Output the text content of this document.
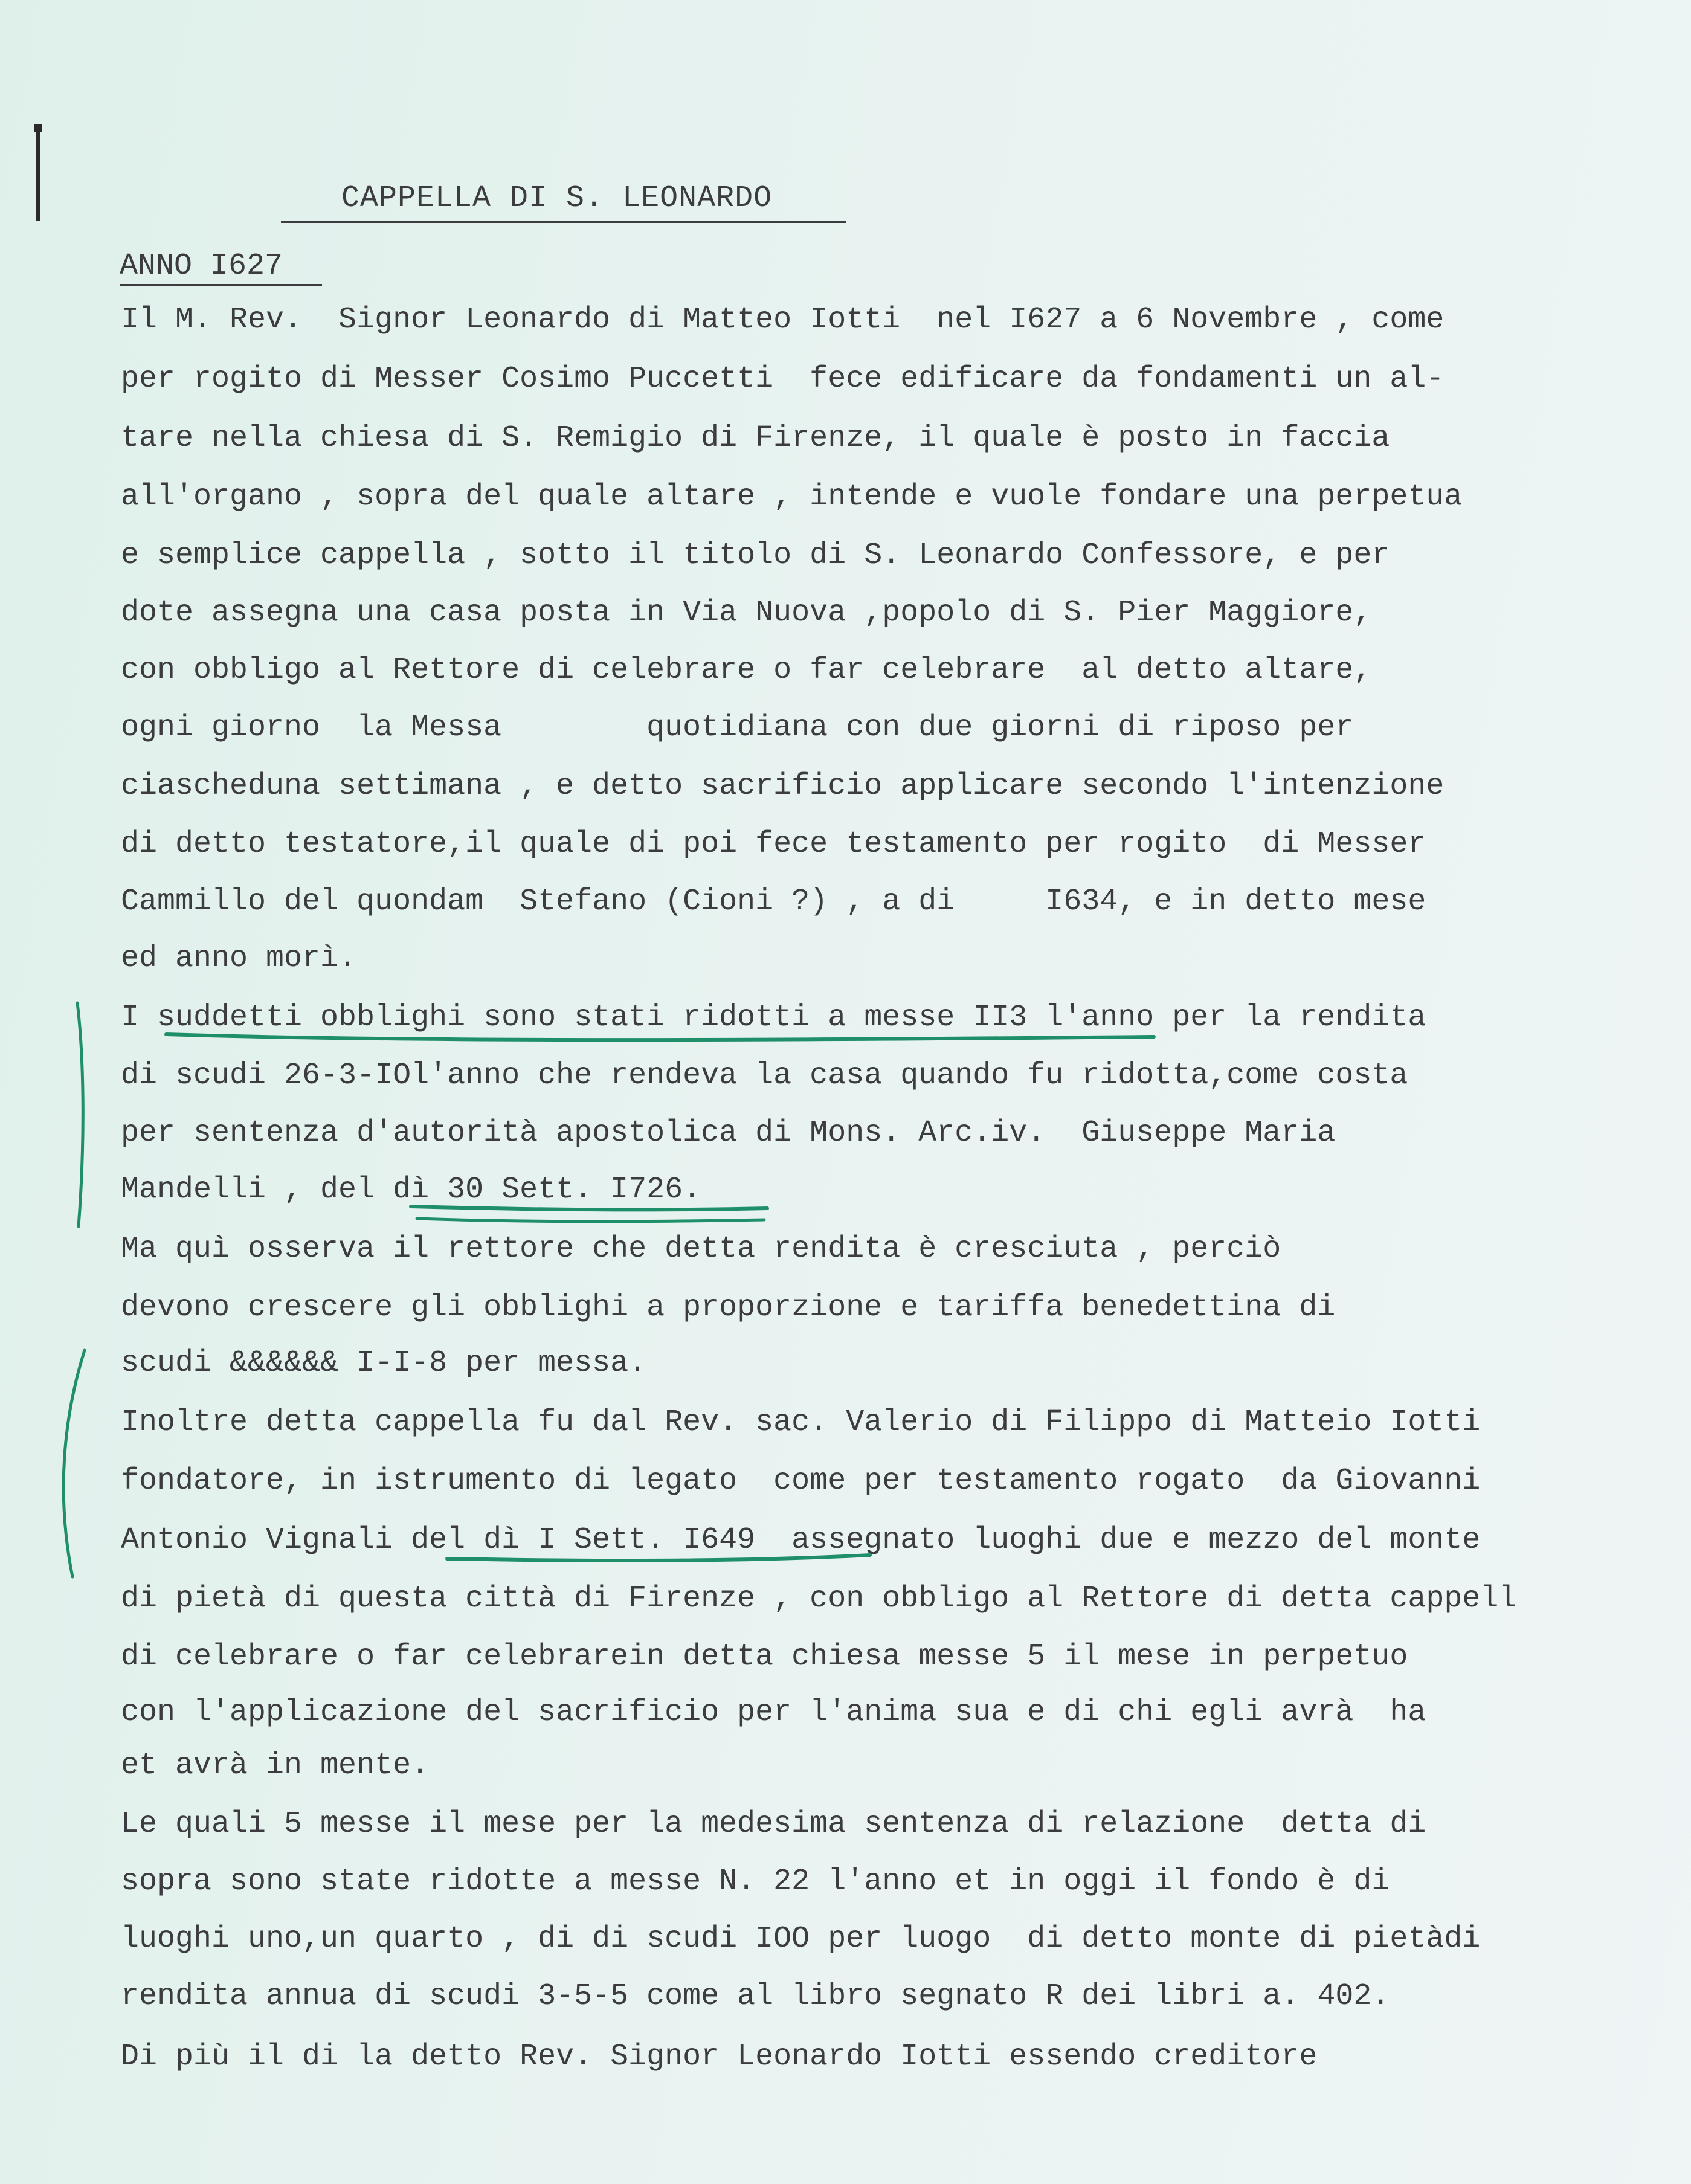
CAPPELLA DI S. LEONARDO
ANNO I627
Il M. Rev.  Signor Leonardo di Matteo Iotti  nel I627 a 6 Novembre , come
per rogito di Messer Cosimo Puccetti  fece edificare da fondamenti un al-
tare nella chiesa di S. Remigio di Firenze, il quale è posto in faccia
all'organo , sopra del quale altare , intende e vuole fondare una perpetua
e semplice cappella , sotto il titolo di S. Leonardo Confessore, e per
dote assegna una casa posta in Via Nuova ,popolo di S. Pier Maggiore,
con obbligo al Rettore di celebrare o far celebrare  al detto altare,
ogni giorno  la Messa        quotidiana con due giorni di riposo per
ciascheduna settimana , e detto sacrificio applicare secondo l'intenzione
di detto testatore,il quale di poi fece testamento per rogito  di Messer
Cammillo del quondam  Stefano (Cioni ?) , a di     I634, e in detto mese
ed anno morì.
I suddetti obblighi sono stati ridotti a messe II3 l'anno per la rendita
di scudi 26-3-IOl'anno che rendeva la casa quando fu ridotta,come costa
per sentenza d'autorità apostolica di Mons. Arc.iv.  Giuseppe Maria
Mandelli , del dì 30 Sett. I726.
Ma quì osserva il rettore che detta rendita è cresciuta , perciò
devono crescere gli obblighi a proporzione e tariffa benedettina di
scudi &&&&&& I-I-8 per messa.
Inoltre detta cappella fu dal Rev. sac. Valerio di Filippo di Matteio Iotti
fondatore, in istrumento di legato  come per testamento rogato  da Giovanni
Antonio Vignali del dì I Sett. I649  assegnato luoghi due e mezzo del monte
di pietà di questa città di Firenze , con obbligo al Rettore di detta cappell
di celebrare o far celebrarein detta chiesa messe 5 il mese in perpetuo
con l'applicazione del sacrificio per l'anima sua e di chi egli avrà  ha
et avrà in mente.
Le quali 5 messe il mese per la medesima sentenza di relazione  detta di
sopra sono state ridotte a messe N. 22 l'anno et in oggi il fondo è di
luoghi uno,un quarto , di di scudi IOO per luogo  di detto monte di pietàdi
rendita annua di scudi 3-5-5 come al libro segnato R dei libri a. 402.
Di più il di la detto Rev. Signor Leonardo Iotti essendo creditore
